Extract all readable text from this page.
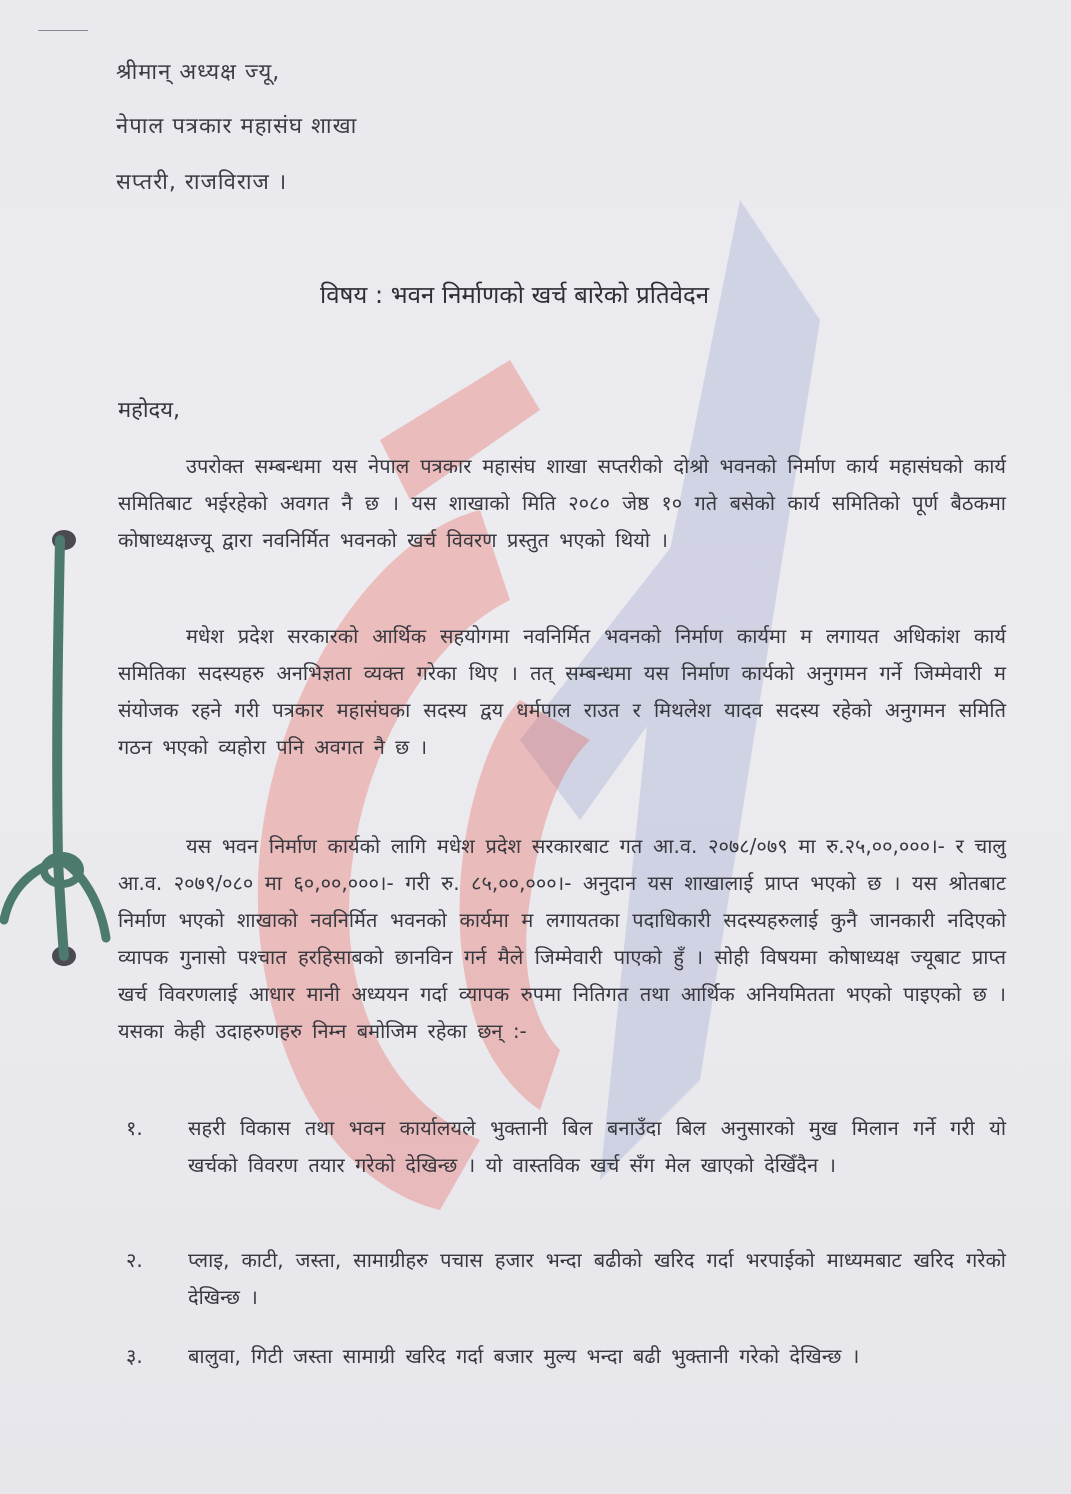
श्रीमान् अध्यक्ष ज्यू,
नेपाल पत्रकार महासंघ शाखा
सप्तरी, राजविराज ।
विषय : भवन निर्माणको खर्च बारेको प्रतिवेदन
महोदय,
उपरोक्त सम्बन्धमा यस नेपाल पत्रकार महासंघ शाखा सप्तरीको दोश्रो भवनको निर्माण कार्य महासंघको कार्य समितिबाट भईरहेको अवगत नै छ । यस शाखाको मिति २०८० जेष्ठ १० गते बसेको कार्य समितिको पूर्ण बैठकमा कोषाध्यक्षज्यू द्वारा नवनिर्मित भवनको खर्च विवरण प्रस्तुत भएको थियो ।
मधेश प्रदेश सरकारको आर्थिक सहयोगमा नवनिर्मित भवनको निर्माण कार्यमा म लगायत अधिकांश कार्य समितिका सदस्यहरु अनभिज्ञता व्यक्त गरेका थिए । तत् सम्बन्धमा यस निर्माण कार्यको अनुगमन गर्ने जिम्मेवारी म संयोजक रहने गरी पत्रकार महासंघका सदस्य द्वय धर्मपाल राउत र मिथलेश यादव सदस्य रहेको अनुगमन समिति गठन भएको व्यहोरा पनि अवगत नै छ ।
यस भवन निर्माण कार्यको लागि मधेश प्रदेश सरकारबाट गत आ.व. २०७८/०७९ मा रु.२५,००,०००।- र चालु आ.व. २०७९/०८० मा ६०,००,०००।- गरी रु. ८५,००,०००।- अनुदान यस शाखालाई प्राप्त भएको छ । यस श्रोतबाट निर्माण भएको शाखाको नवनिर्मित भवनको कार्यमा म लगायतका पदाधिकारी सदस्यहरुलाई कुनै जानकारी नदिएको व्यापक गुनासो पश्चात हरहिसाबको छानविन गर्न मैले जिम्मेवारी पाएको हुँ । सोही विषयमा कोषाध्यक्ष ज्यूबाट प्राप्त खर्च विवरणलाई आधार मानी अध्ययन गर्दा व्यापक रुपमा नितिगत तथा आर्थिक अनियमितता भएको पाइएको छ । यसका केही उदाहरुणहरु निम्न बमोजिम रहेका छन् :-
१.	सहरी विकास तथा भवन कार्यालयले भुक्तानी बिल बनाउँदा बिल अनुसारको मुख मिलान गर्ने गरी यो खर्चको विवरण तयार गरेको देखिन्छ । यो वास्तविक खर्च सँग मेल खाएको देखिँदैन ।
२.	प्लाइ, काटी, जस्ता, सामाग्रीहरु पचास हजार भन्दा बढीको खरिद गर्दा भरपाईको माध्यमबाट खरिद गरेको देखिन्छ ।
३.	बालुवा, गिटी जस्ता सामाग्री खरिद गर्दा बजार मुल्य भन्दा बढी भुक्तानी गरेको देखिन्छ ।
